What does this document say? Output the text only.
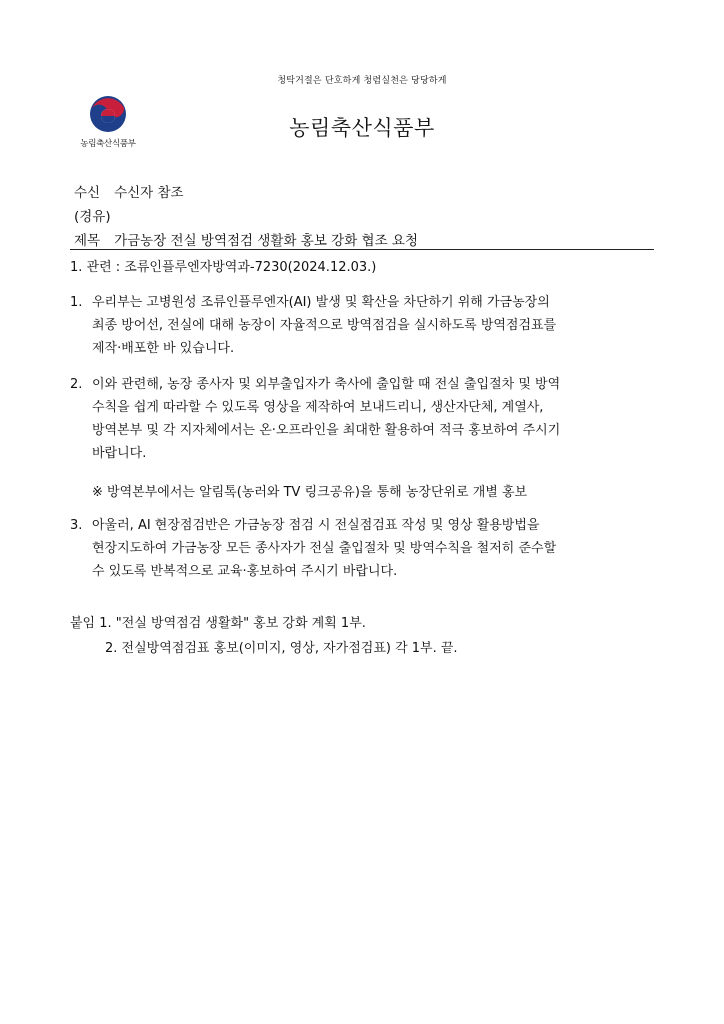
청탁거절은 단호하게 청렴실천은 당당하게
농림축산식품부
농림축산식품부
수신 수신자 참조
(경유)
제목 가금농장 전실 방역점검 생활화 홍보 강화 협조 요청
1. 관련 : 조류인플루엔자방역과-7230(2024.12.03.)
1. 우리부는 고병원성 조류인플루엔자(AI) 발생 및 확산을 차단하기 위해 가금농장의
최종 방어선, 전실에 대해 농장이 자율적으로 방역점검을 실시하도록 방역점검표를
제작·배포한 바 있습니다.
2. 이와 관련해, 농장 종사자 및 외부출입자가 축사에 출입할 때 전실 출입절차 및 방역
수칙을 쉽게 따라할 수 있도록 영상을 제작하여 보내드리니, 생산자단체, 계열사,
방역본부 및 각 지자체에서는 온·오프라인을 최대한 활용하여 적극 홍보하여 주시기
바랍니다.
※ 방역본부에서는 알림톡(농러와 TV 링크공유)을 통해 농장단위로 개별 홍보
3. 아울러, AI 현장점검반은 가금농장 점검 시 전실점검표 작성 및 영상 활용방법을
현장지도하여 가금농장 모든 종사자가 전실 출입절차 및 방역수칙을 철저히 준수할
수 있도록 반복적으로 교육·홍보하여 주시기 바랍니다.
붙임 1. "전실 방역점검 생활화" 홍보 강화 계획 1부.
2. 전실방역점검표 홍보(이미지, 영상, 자가점검표) 각 1부. 끝.
